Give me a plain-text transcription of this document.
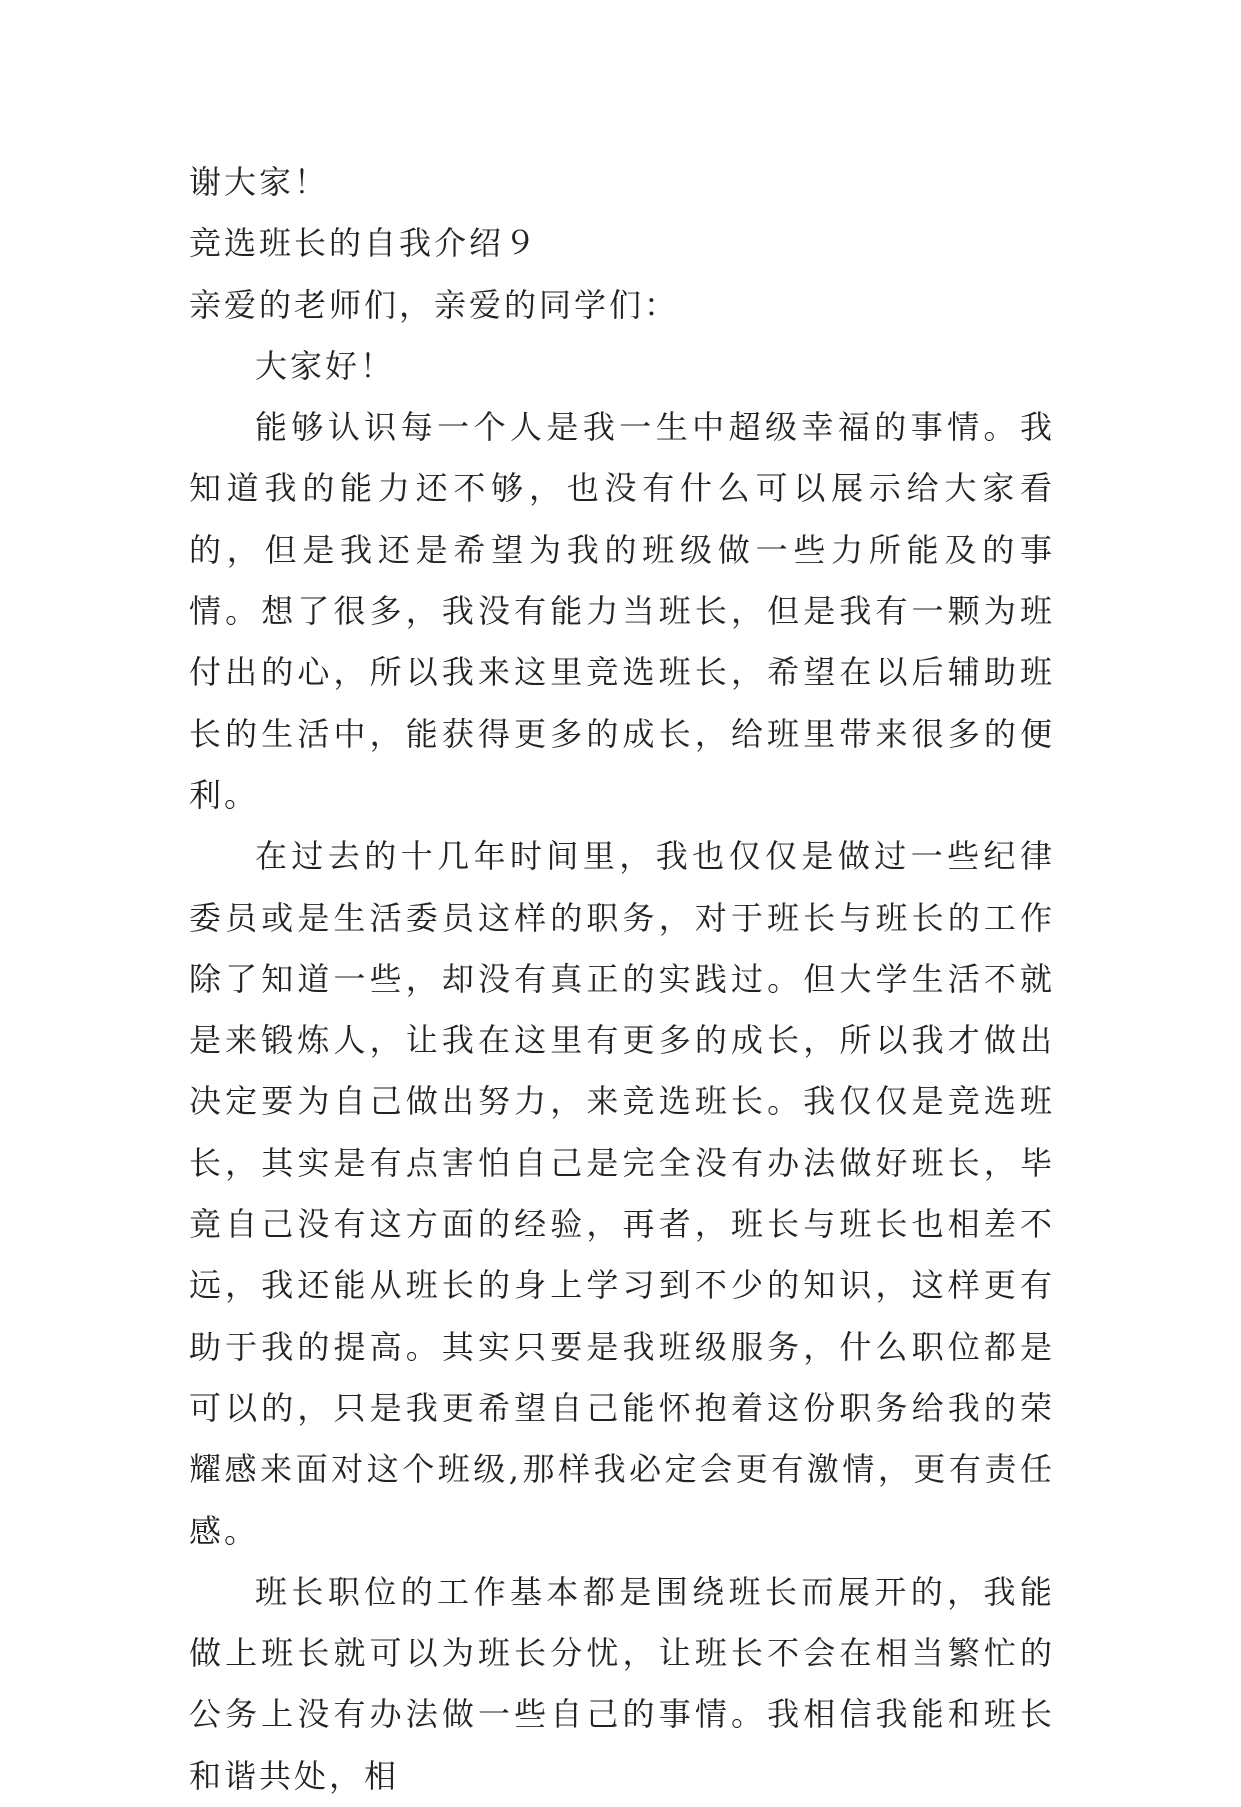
谢大家！

竞选班长的自我介绍９

亲爱的老师们，亲爱的同学们：

大家好！

能够认识每一个人是我一生中超级幸福的事情。我知道我的能力还不够，也没有什么可以展示给大家看的，但是我还是希望为我的班级做一些力所能及的事情。想了很多，我没有能力当班长，但是我有一颗为班付出的心，所以我来这里竞选班长，希望在以后辅助班长的生活中，能获得更多的成长，给班里带来很多的便利。

在过去的十几年时间里，我也仅仅是做过一些纪律委员或是生活委员这样的职务，对于班长与班长的工作除了知道一些，却没有真正的实践过。但大学生活不就是来锻炼人，让我在这里有更多的成长，所以我才做出决定要为自己做出努力，来竞选班长。我仅仅是竞选班长，其实是有点害怕自己是完全没有办法做好班长，毕竟自己没有这方面的经验，再者，班长与班长也相差不远，我还能从班长的身上学习到不少的知识，这样更有助于我的提高。其实只要是我班级服务，什么职位都是可以的，只是我更希望自己能怀抱着这份职务给我的荣耀感来面对这个班级,那样我必定会更有激情，更有责任感。

班长职位的工作基本都是围绕班长而展开的，我能做上班长就可以为班长分忧，让班长不会在相当繁忙的公务上没有办法做一些自己的事情。我相信我能和班长和谐共处，相
